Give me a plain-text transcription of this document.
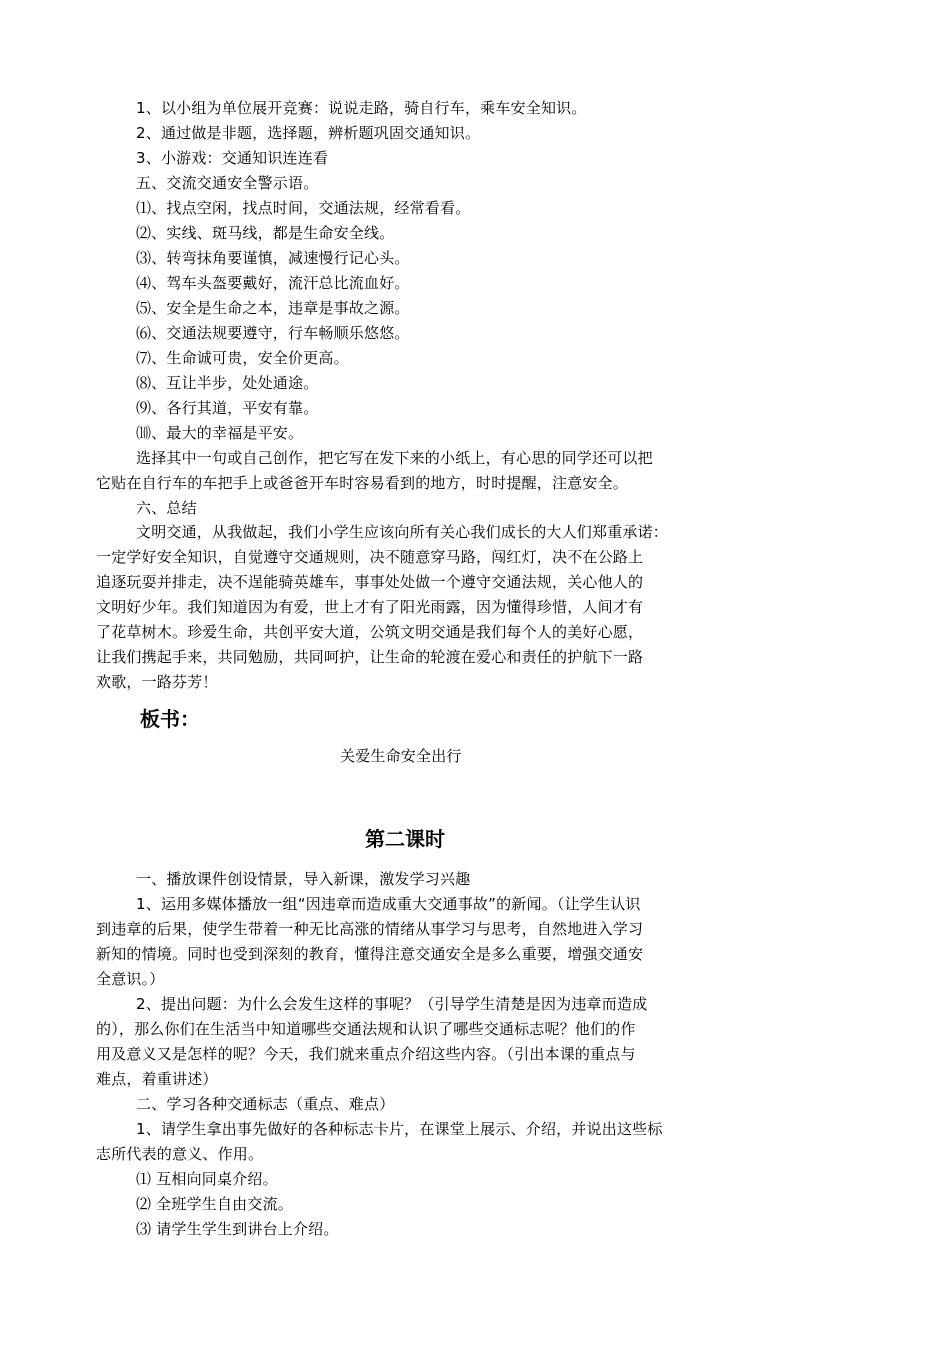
1、以小组为单位展开竞赛：说说走路，骑自行车，乘车安全知识。
2、通过做是非题，选择题，辨析题巩固交通知识。
3、小游戏：交通知识连连看
五、交流交通安全警示语。
⑴、找点空闲，找点时间，交通法规，经常看看。
⑵、实线、斑马线，都是生命安全线。
⑶、转弯抹角要谨慎，减速慢行记心头。
⑷、驾车头盔要戴好，流汗总比流血好。
⑸、安全是生命之本，违章是事故之源。
⑹、交通法规要遵守，行车畅顺乐悠悠。
⑺、生命诚可贵，安全价更高。
⑻、互让半步，处处通途。
⑼、各行其道，平安有靠。
⑽、最大的幸福是平安。
选择其中一句或自己创作，把它写在发下来的小纸上，有心思的同学还可以把
它贴在自行车的车把手上或爸爸开车时容易看到的地方，时时提醒，注意安全。
六、总结
文明交通，从我做起，我们小学生应该向所有关心我们成长的大人们郑重承诺：
一定学好安全知识，自觉遵守交通规则，决不随意穿马路，闯红灯，决不在公路上
追逐玩耍并排走，决不逞能骑英雄车，事事处处做一个遵守交通法规，关心他人的
文明好少年。我们知道因为有爱，世上才有了阳光雨露，因为懂得珍惜，人间才有
了花草树木。珍爱生命，共创平安大道，公筑文明交通是我们每个人的美好心愿，
让我们携起手来，共同勉励，共同呵护，让生命的轮渡在爱心和责任的护航下一路
欢歌，一路芬芳！
板书：
关爱生命安全出行
第二课时
一、播放课件创设情景，导入新课，激发学习兴趣
1、运用多媒体播放一组“因违章而造成重大交通事故”的新闻。（让学生认识
到违章的后果，使学生带着一种无比高涨的情绪从事学习与思考，自然地进入学习
新知的情境。同时也受到深刻的教育，懂得注意交通安全是多么重要，增强交通安
全意识。）
2、提出问题：为什么会发生这样的事呢？（引导学生清楚是因为违章而造成
的），那么你们在生活当中知道哪些交通法规和认识了哪些交通标志呢？他们的作
用及意义又是怎样的呢？今天，我们就来重点介绍这些内容。（引出本课的重点与
难点，着重讲述）
二、学习各种交通标志（重点、难点）
1、请学生拿出事先做好的各种标志卡片，在课堂上展示、介绍，并说出这些标
志所代表的意义、作用。
⑴ 互相向同桌介绍。
⑵ 全班学生自由交流。
⑶ 请学生学生到讲台上介绍。
